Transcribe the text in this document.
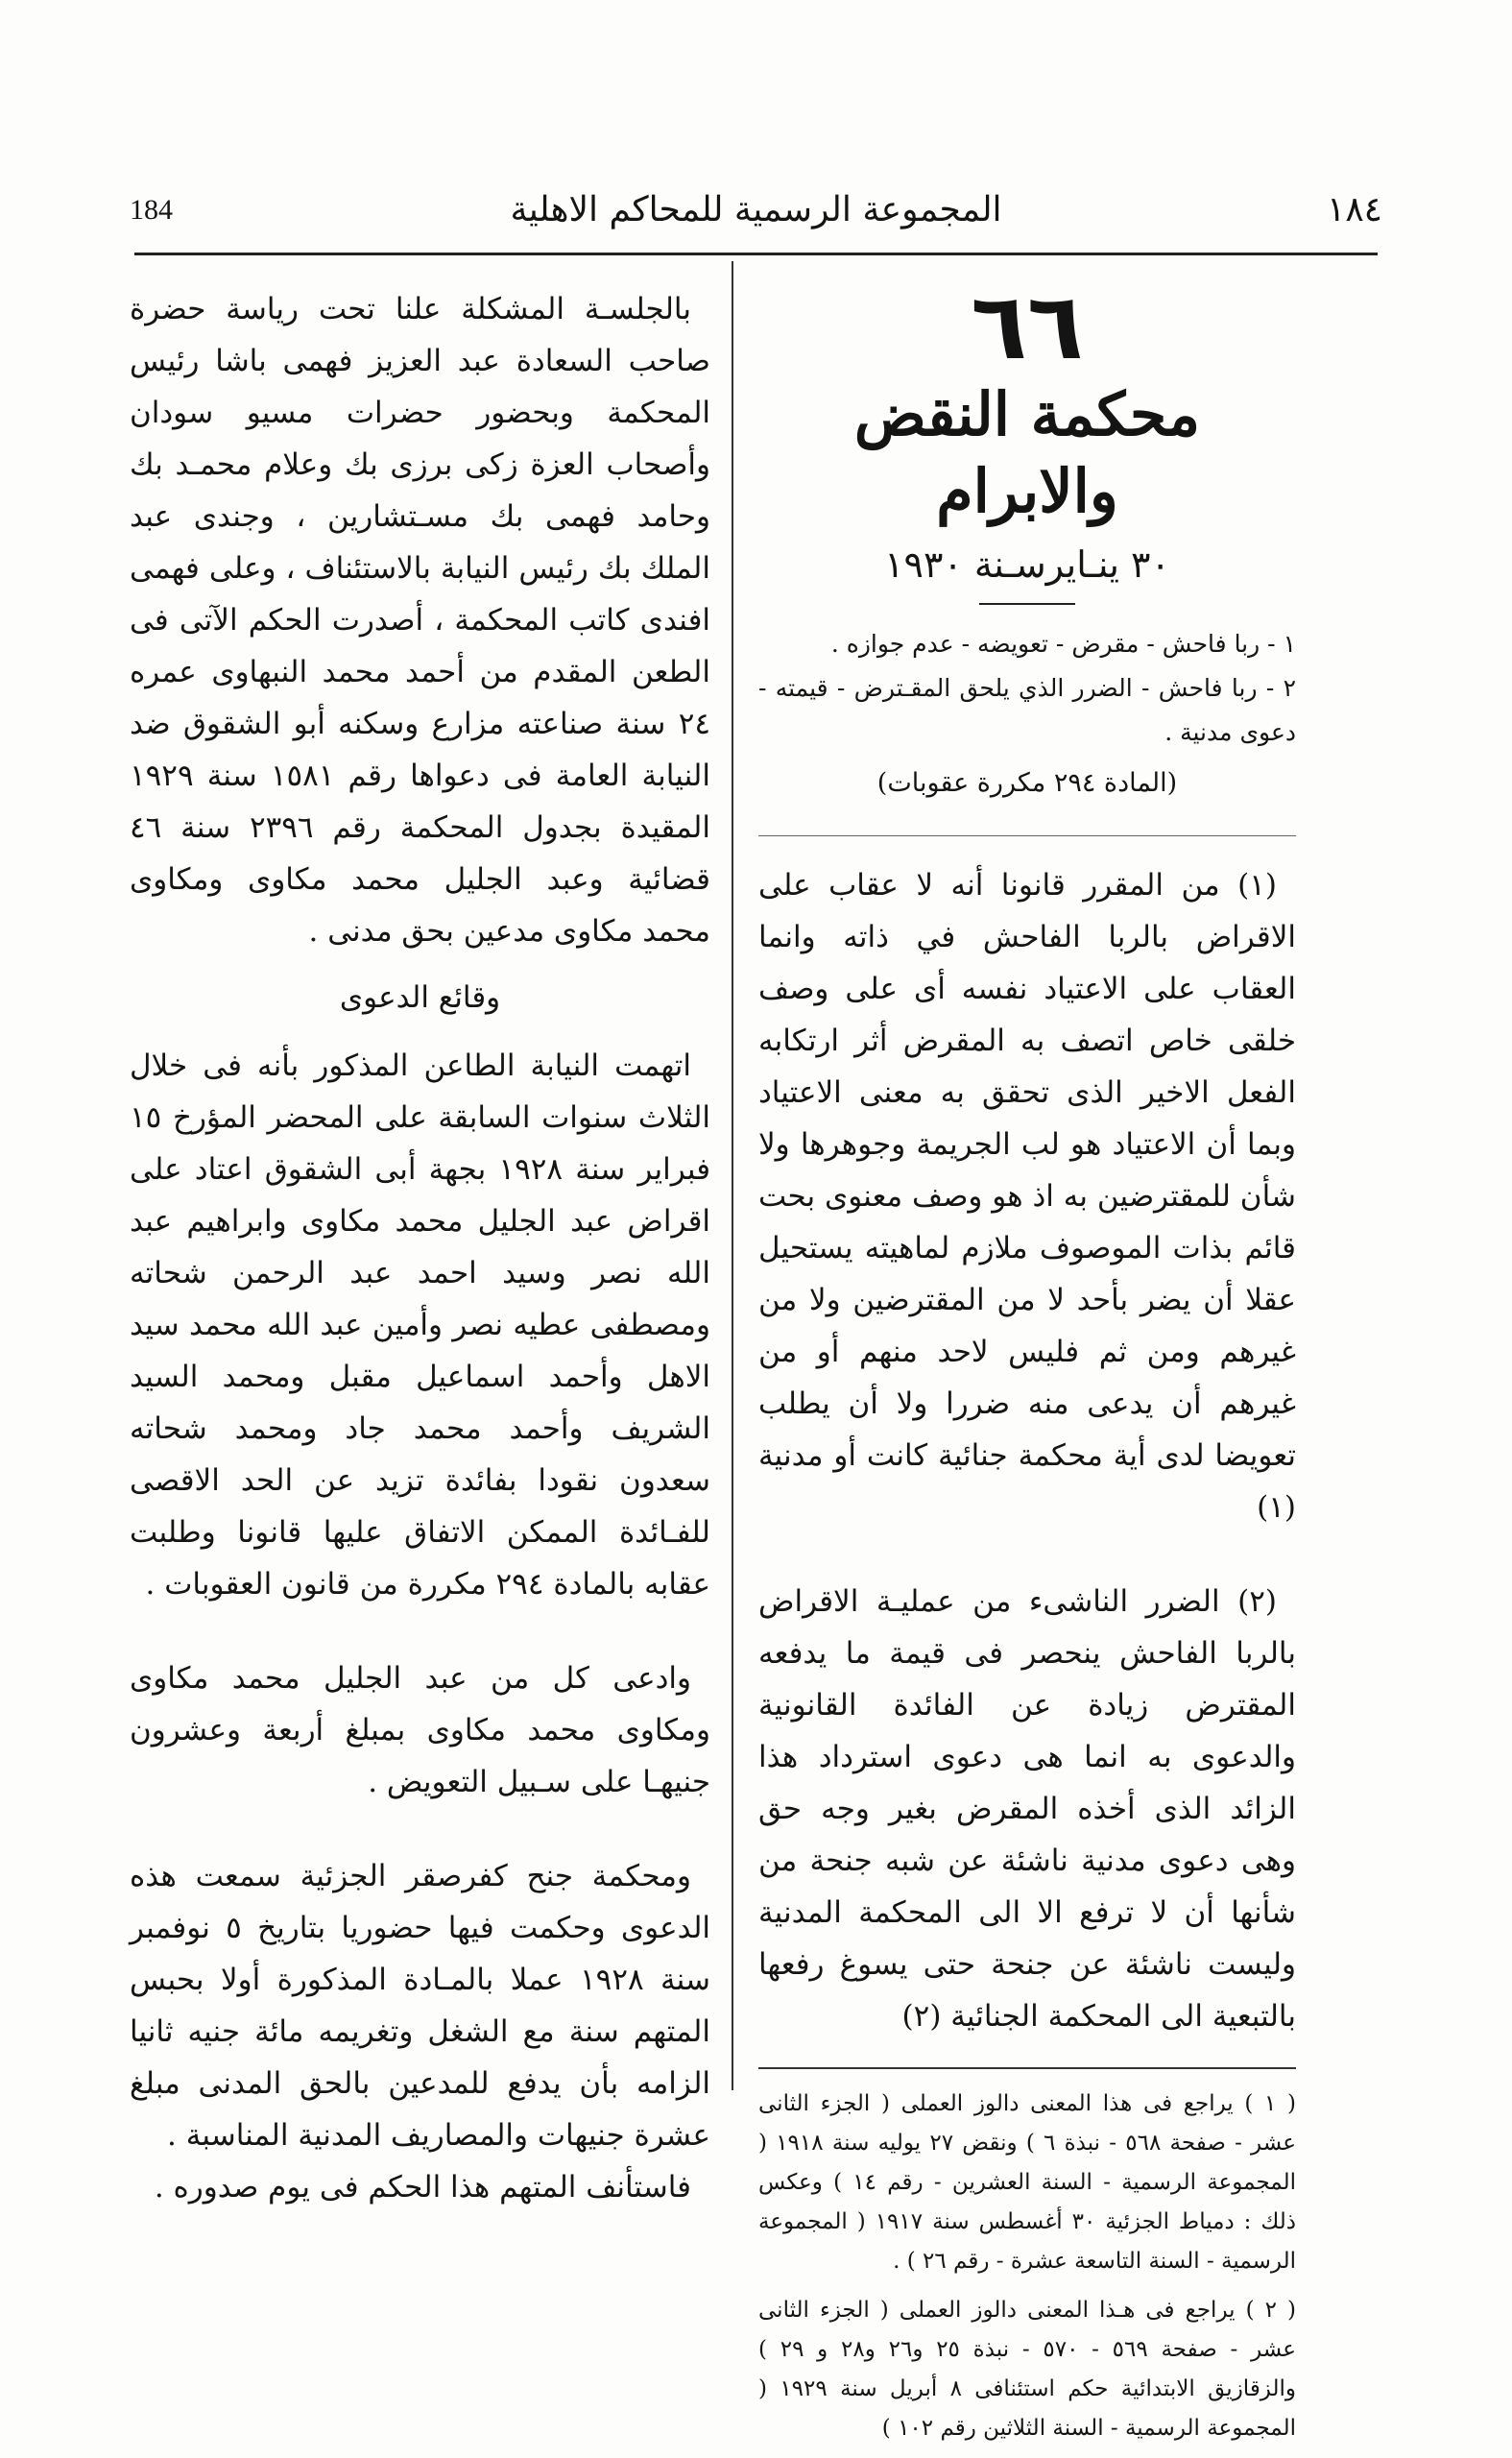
184	المجموعة الرسمية للمحاكم الاهلية	١٨٤
٦٦
محكمة النقض والابرام
٣٠ ينـايرسـنة ١٩٣٠

١ - ربا فاحش - مقرض - تعويضه - عدم جوازه .

٢ - ربا فاحش - الضرر الذي يلحق المقـترض - قيمته - دعوى مدنية .

(المادة ٢٩٤ مكررة عقوبات)

(١) من المقرر قانونا أنه لا عقاب على الاقراض بالربا الفاحش في ذاته وانما العقاب على الاعتياد نفسه أى على وصف خلقى خاص اتصف به المقرض أثر ارتكابه الفعل الاخير الذى تحقق به معنى الاعتياد وبما أن الاعتياد هو لب الجريمة وجوهرها ولا شأن للمقترضين به اذ هو وصف معنوى بحت قائم بذات الموصوف ملازم لماهيته يستحيل عقلا أن يضر بأحد لا من المقترضين ولا من غيرهم ومن ثم فليس لاحد منهم أو من غيرهم أن يدعى منه ضررا ولا أن يطلب تعويضا لدى أية محكمة جنائية كانت أو مدنية (١)

(٢) الضرر الناشىء من عمليـة الاقراض بالربا الفاحش ينحصر فى قيمة ما يدفعه المقترض زيادة عن الفائدة القانونية والدعوى به انما هى دعوى استرداد هذا الزائد الذى أخذه المقرض بغير وجه حق وهى دعوى مدنية ناشئة عن شبه جنحة من شأنها أن لا ترفع الا الى المحكمة المدنية وليست ناشئة عن جنحة حتى يسوغ رفعها بالتبعية الى المحكمة الجنائية (٢)

( ١ ) يراجع فى هذا المعنى دالوز العملى ( الجزء الثانى عشر - صفحة ٥٦٨ - نبذة ٦ ) ونقض ٢٧ يوليه سنة ١٩١٨ ( المجموعة الرسمية - السنة العشرين - رقم ١٤ ) وعكس ذلك : دمياط الجزئية ٣٠ أغسطس سنة ١٩١٧ ( المجموعة الرسمية - السنة التاسعة عشرة - رقم ٢٦ ) .

( ٢ ) يراجع فى هـذا المعنى دالوز العملى ( الجزء الثانى عشر - صفحة ٥٦٩ - ٥٧٠ - نبذة ٢٥ و٢٦ و٢٨ و ٢٩ ) والزقازيق الابتدائية حكم استئنافى ٨ أبريل سنة ١٩٢٩ ( المجموعة الرسمية - السنة الثلاثين رقم ١٠٢ )

بالجلسـة المشكلة علنا تحت رياسة حضرة صاحب السعادة عبد العزيز فهمى باشا رئيس المحكمة وبحضور حضرات مسيو سودان وأصحاب العزة زكى برزى بك وعلام محمـد بك وحامد فهمى بك مسـتشارين ، وجندى عبد الملك بك رئيس النيابة بالاستئناف ، وعلى فهمى افندى كاتب المحكمة ، أصدرت الحكم الآتى فى الطعن المقدم من أحمد محمد النبهاوى عمره ٢٤ سنة صناعته مزارع وسكنه أبو الشقوق ضد النيابة العامة فى دعواها رقم ١٥٨١ سنة ١٩٢٩ المقيدة بجدول المحكمة رقم ٢٣٩٦ سنة ٤٦ قضائية وعبد الجليل محمد مكاوى ومكاوى محمد مكاوى مدعين بحق مدنى .

وقائع الدعوى

اتهمت النيابة الطاعن المذكور بأنه فى خلال الثلاث سنوات السابقة على المحضر المؤرخ ١٥ فبراير سنة ١٩٢٨ بجهة أبى الشقوق اعتاد على اقراض عبد الجليل محمد مكاوى وابراهيم عبد الله نصر وسيد احمد عبد الرحمن شحاته ومصطفى عطيه نصر وأمين عبد الله محمد سيد الاهل وأحمد اسماعيل مقبل ومحمد السيد الشريف وأحمد محمد جاد ومحمد شحاته سعدون نقودا بفائدة تزيد عن الحد الاقصى للفـائدة الممكن الاتفاق عليها قانونا وطلبت عقابه بالمادة ٢٩٤ مكررة من قانون العقوبات .

وادعى كل من عبد الجليل محمد مكاوى ومكاوى محمد مكاوى بمبلغ أربعة وعشرون جنيهـا على سـبيل التعويض .

ومحكمة جنح كفرصقر الجزئية سمعت هذه الدعوى وحكمت فيها حضوريا بتاريخ ٥ نوفمبر سنة ١٩٢٨ عملا بالمـادة المذكورة أولا بحبس المتهم سنة مع الشغل وتغريمه مائة جنيه ثانيا الزامه بأن يدفع للمدعين بالحق المدنى مبلغ عشرة جنيهات والمصاريف المدنية المناسبة .

فاستأنف المتهم هذا الحكم فى يوم صدوره .
